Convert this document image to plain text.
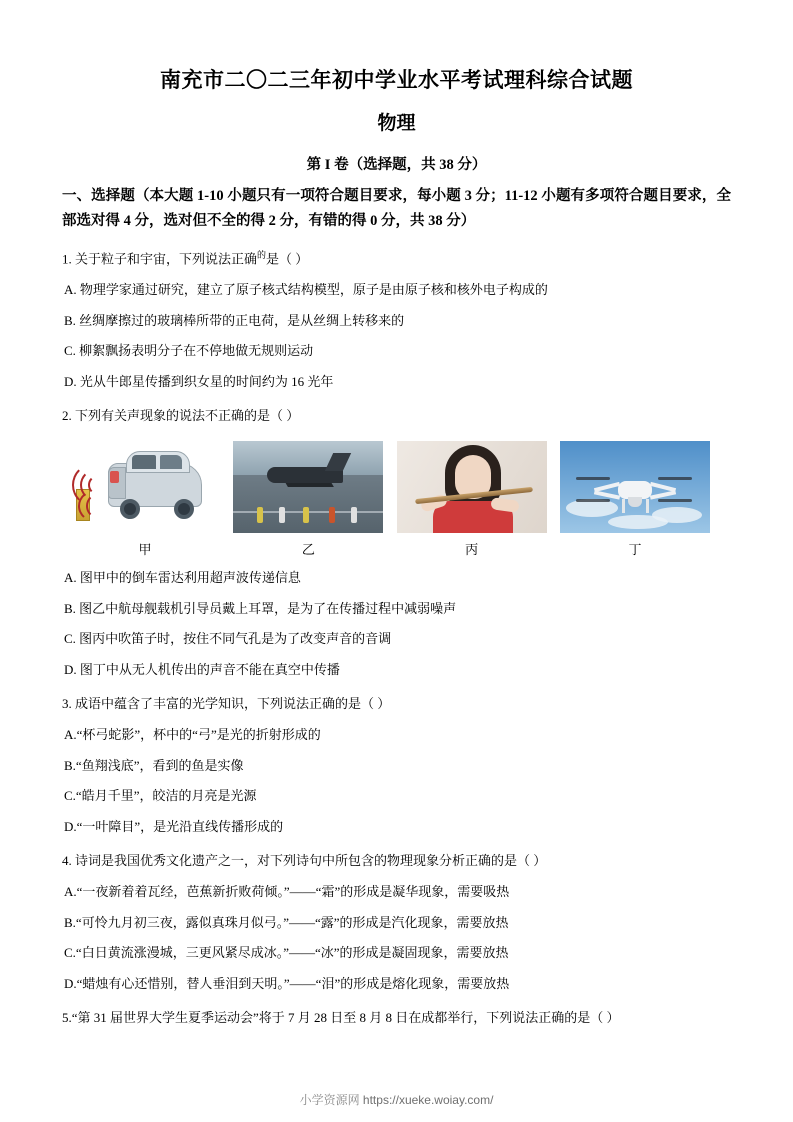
南充市二〇二三年初中学业水平考试理科综合试题
物理
第 I 卷（选择题，共 38 分）
一、选择题（本大题 1-10 小题只有一项符合题目要求，每小题 3 分；11-12 小题有多项符合题目要求，全部选对得 4 分，选对但不全的得 2 分，有错的得 0 分，共 38 分）
1. 关于粒子和宇宙，下列说法正确$^的$是（ ）
A. 物理学家通过研究，建立了原子核式结构模型，原子是由原子核和核外电子构成的
B. 丝绸摩擦过的玻璃棒所带的正电荷，是从丝绸上转移来的
C. 柳絮飘扬表明分子在不停地做无规则运动
D. 光从牛郎星传播到织女星的时间约为 16 光年
2. 下列有关声现象的说法不正确的是（ ）
甲	乙	丙	丁
A. 图甲中的倒车雷达利用超声波传递信息
B. 图乙中航母舰载机引导员戴上耳罩，是为了在传播过程中减弱噪声
C. 图丙中吹笛子时，按住不同气孔是为了改变声音的音调
D. 图丁中从无人机传出的声音不能在真空中传播
3. 成语中蕴含了丰富的光学知识，下列说法正确的是（ ）
A.“杯弓蛇影”，杯中的“弓”是光的折射形成的
B.“鱼翔浅底”，看到的鱼是实像
C.“皓月千里”，皎洁的月亮是光源
D.“一叶障目”，是光沿直线传播形成的
4. 诗词是我国优秀文化遗产之一，对下列诗句中所包含的物理现象分析正确的是（ ）
A.“一夜新着着瓦经，芭蕉新折败荷倾。”——“霜”的形成是凝华现象，需要吸热
B.“可怜九月初三夜，露似真珠月似弓。”——“露”的形成是汽化现象，需要放热
C.“白日黄流涨漫城，三更风紧尽成冰。”——“冰”的形成是凝固现象，需要放热
D.“蜡烛有心还惜别，替人垂泪到天明。”——“泪”的形成是熔化现象，需要放热
5.“第 31 届世界大学生夏季运动会”将于 7 月 28 日至 8 月 8 日在成都举行，下列说法正确的是（ ）
小学资源网 https://xueke.woiay.com/
